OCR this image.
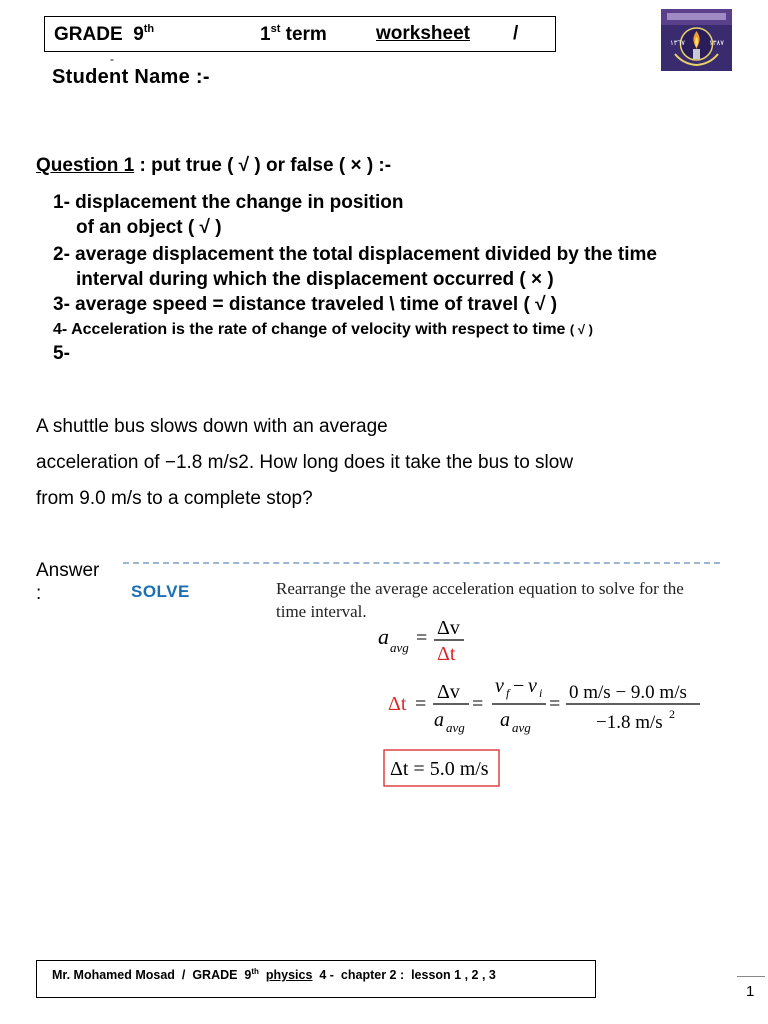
GRADE 9th	1st term	worksheet /	١٣٦٧	١٣٨٧
-
Student Name :-
Question 1 : put true ( √ ) or false ( × ) :-
1- displacement the change in position
of an object ( √ )
2- average displacement the total displacement divided by the time
interval during which the displacement occurred ( × )
3- average speed = distance traveled \ time of travel ( √ )
4- Acceleration is the rate of change of velocity with respect to time ( √ )
5-
A shuttle bus slows down with an average
acceleration of −1.8 m/s2. How long does it take the bus to slow
from 9.0 m/s to a complete stop?
Answer
:	SOLVE	Rearrange the average acceleration equation to solve for the time interval.
a avg = Δv
Δt
Δt =
Δv
a avg
=
v f − v i
a avg
=
0 m/s − 9.0 m/s
−1.8 m/s 2
Δt = 5.0 m/s
Mr. Mohamed Mosad  /  GRADE  9th physics  4 -  chapter 2 :  lesson 1 , 2 , 3
1
